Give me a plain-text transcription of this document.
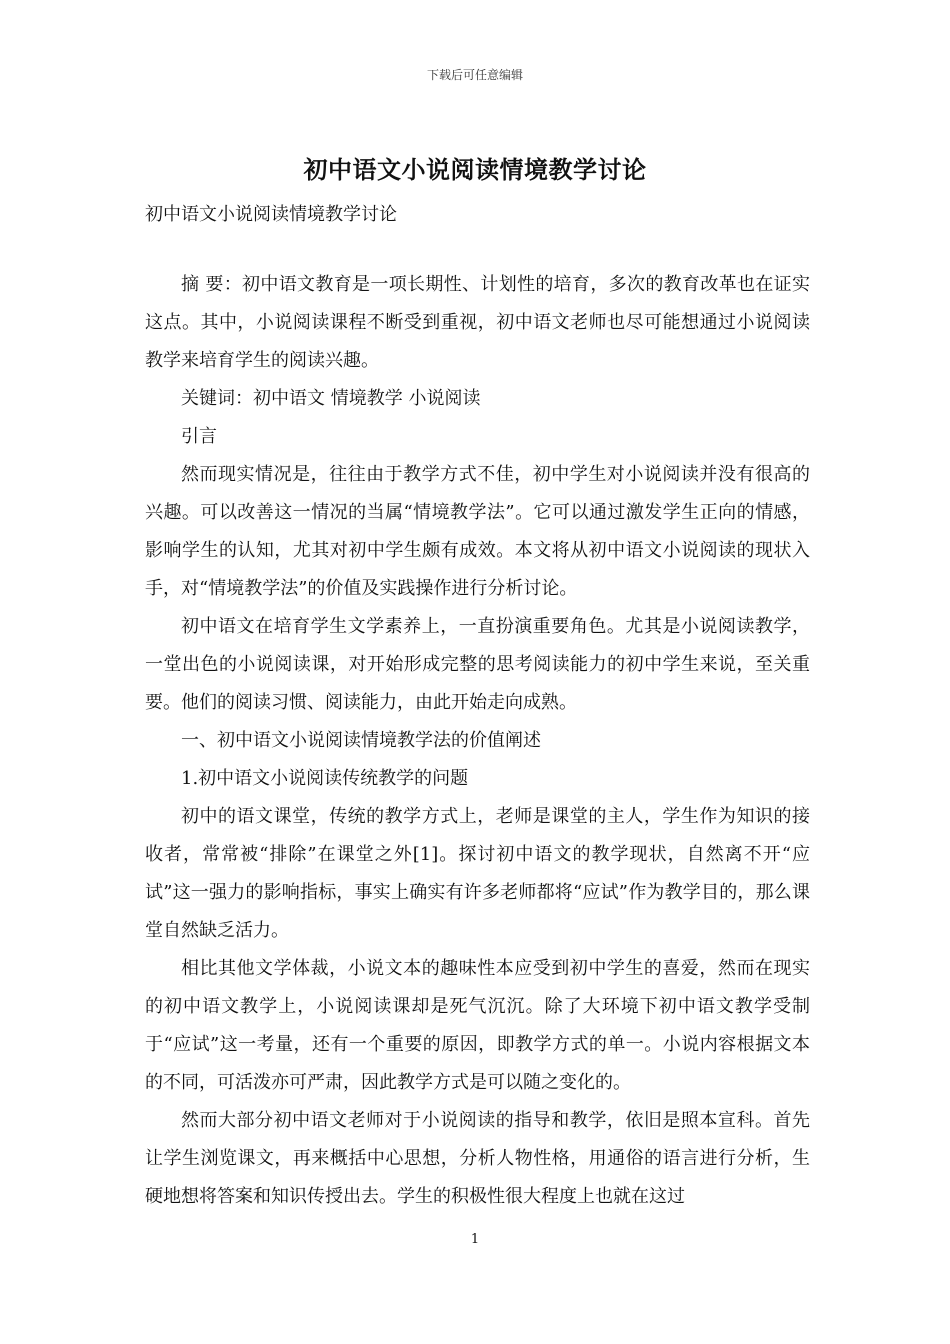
下载后可任意编辑
初中语文小说阅读情境教学讨论
初中语文小说阅读情境教学讨论

摘 要：初中语文教育是一项长期性、计划性的培育，多次的教育改革也在证实这点。其中，小说阅读课程不断受到重视，初中语文老师也尽可能想通过小说阅读教学来培育学生的阅读兴趣。

关键词：初中语文 情境教学 小说阅读

引言

然而现实情况是，往往由于教学方式不佳，初中学生对小说阅读并没有很高的兴趣。可以改善这一情况的当属“情境教学法”。它可以通过激发学生正向的情感，影响学生的认知，尤其对初中学生颇有成效。本文将从初中语文小说阅读的现状入手，对“情境教学法”的价值及实践操作进行分析讨论。

初中语文在培育学生文学素养上，一直扮演重要角色。尤其是小说阅读教学，一堂出色的小说阅读课，对开始形成完整的思考阅读能力的初中学生来说，至关重要。他们的阅读习惯、阅读能力，由此开始走向成熟。

一、初中语文小说阅读情境教学法的价值阐述

1.初中语文小说阅读传统教学的问题

初中的语文课堂，传统的教学方式上，老师是课堂的主人，学生作为知识的接收者，常常被“排除”在课堂之外[1]。探讨初中语文的教学现状，自然离不开“应试”这一强力的影响指标，事实上确实有许多老师都将“应试”作为教学目的，那么课堂自然缺乏活力。

相比其他文学体裁，小说文本的趣味性本应受到初中学生的喜爱，然而在现实的初中语文教学上，小说阅读课却是死气沉沉。除了大环境下初中语文教学受制于“应试”这一考量，还有一个重要的原因，即教学方式的单一。小说内容根据文本的不同，可活泼亦可严肃，因此教学方式是可以随之变化的。

然而大部分初中语文老师对于小说阅读的指导和教学，依旧是照本宣科。首先让学生浏览课文，再来概括中心思想，分析人物性格，用通俗的语言进行分析，生硬地想将答案和知识传授出去。学生的积极性很大程度上也就在这过

1
